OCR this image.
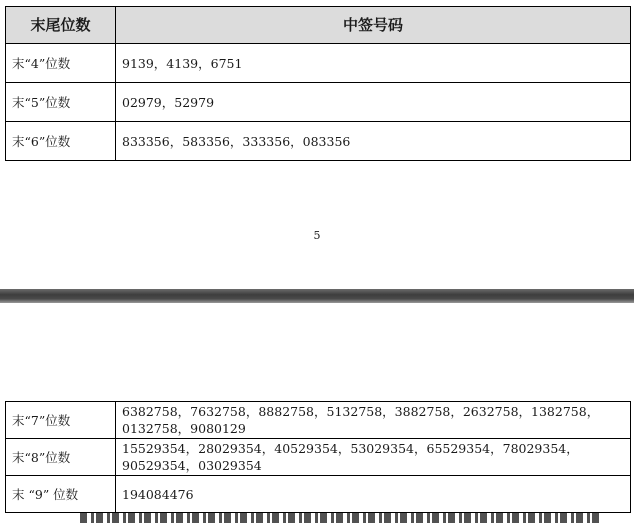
末尾位数	中签号码
末“4”位数	9139，4139，6751
末“5”位数	02979，52979
末“6”位数	833356，583356，333356，083356
5
末“7”位数	6382758，7632758，8882758，5132758，3882758，2632758，1382758，0132758，9080129
末“8”位数	15529354，28029354，40529354，53029354，65529354，78029354，90529354，03029354
末 “9” 位数	194084476
